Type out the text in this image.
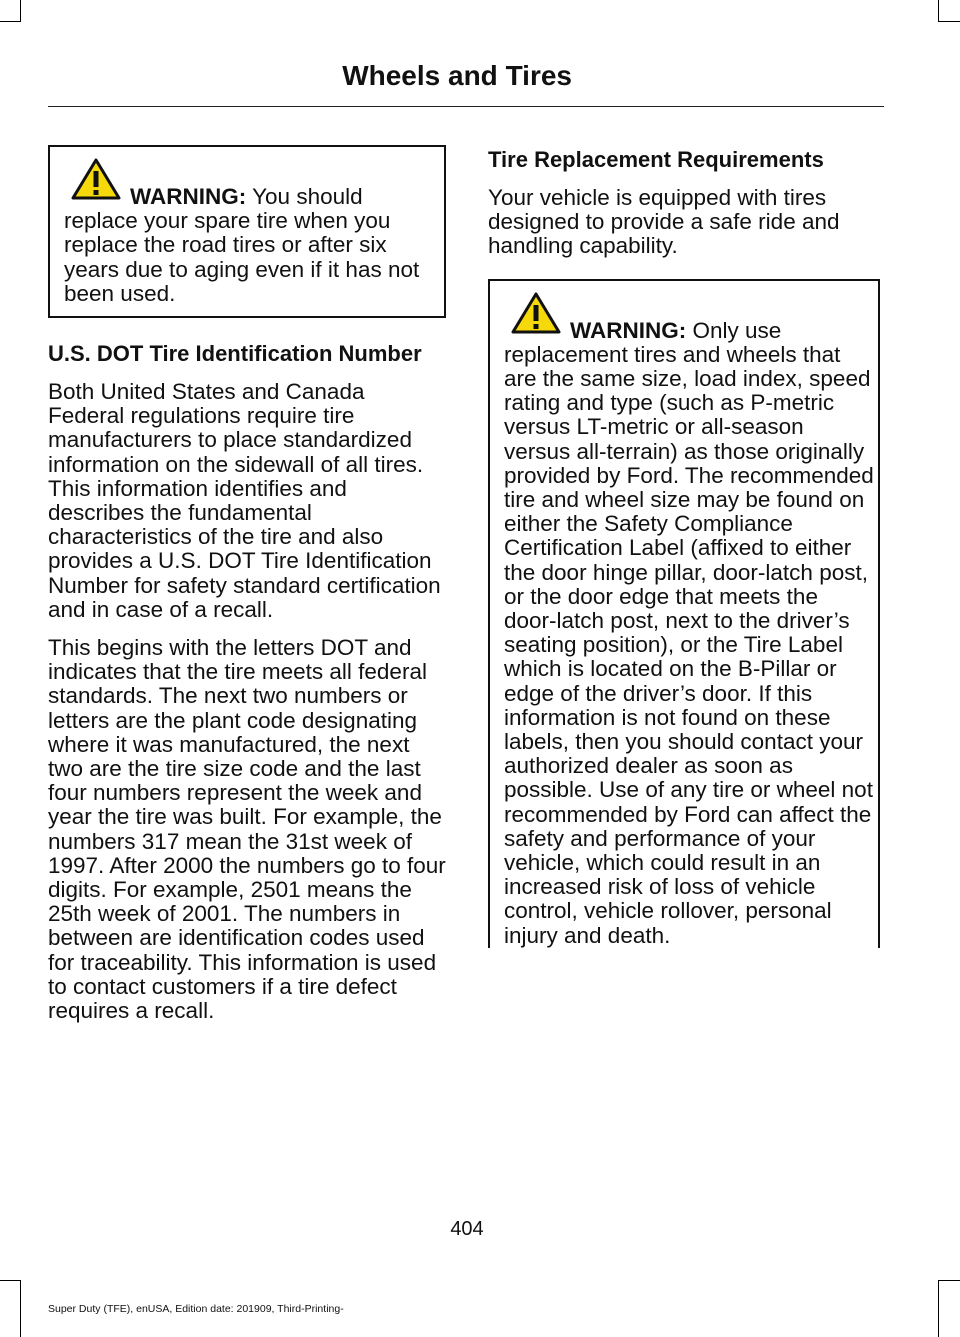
Wheels and Tires
WARNING: You should replace your spare tire when you replace the road tires or after six years due to aging even if it has not been used.
U.S. DOT Tire Identification Number

Both United States and Canada Federal regulations require tire manufacturers to place standardized information on the sidewall of all tires. This information identifies and describes the fundamental characteristics of the tire and also provides a U.S. DOT Tire Identification Number for safety standard certification and in case of a recall.

This begins with the letters DOT and indicates that the tire meets all federal standards. The next two numbers or letters are the plant code designating where it was manufactured, the next two are the tire size code and the last four numbers represent the week and year the tire was built. For example, the numbers 317 mean the 31st week of 1997. After 2000 the numbers go to four digits. For example, 2501 means the 25th week of 2001. The numbers in between are identification codes used for traceability. This information is used to contact customers if a tire defect requires a recall.

Tire Replacement Requirements

Your vehicle is equipped with tires designed to provide a safe ride and handling capability.

WARNING: Only use replacement tires and wheels that are the same size, load index, speed rating and type (such as P-metric versus LT-metric or all-season versus all-terrain) as those originally provided by Ford. The recommended tire and wheel size may be found on either the Safety Compliance Certification Label (affixed to either the door hinge pillar, door-latch post, or the door edge that meets the door-latch post, next to the driver’s seating position), or the Tire Label which is located on the B-Pillar or edge of the driver’s door. If this information is not found on these labels, then you should contact your authorized dealer as soon as possible. Use of any tire or wheel not recommended by Ford can affect the safety and performance of your vehicle, which could result in an increased risk of loss of vehicle control, vehicle rollover, personal injury and death.
404
Super Duty (TFE), enUSA, Edition date: 201909, Third-Printing-
